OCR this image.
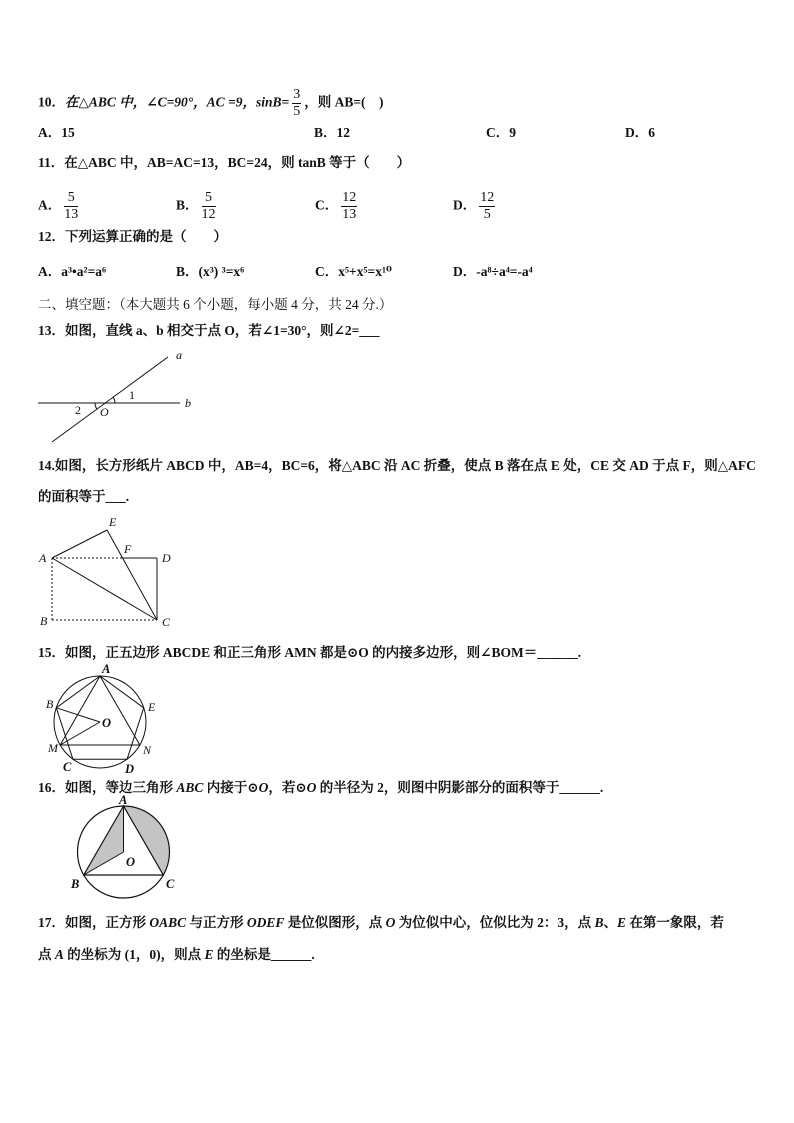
10．在△ABC 中，∠C=90°，AC =9，$\sin B= \frac{3}{5}$ ，则 AB=(　)
A．15	B．12	C．9	D．6
11．在△ABC 中，AB=AC=13，BC=24，则 tanB 等于（　　）
A． $\frac{5}{13}$	B． $\frac{5}{12}$	C． $\frac{12}{13}$	D． $\frac{12}{5}$
12．下列运算正确的是（　　）
A．a³•a²=a⁶	B．(x³) ³=x⁶	C．x⁵+x⁵=x¹⁰	D．-a⁸÷a⁴=-a⁴
二、填空题：（本大题共 6 个小题，每小题 4 分，共 24 分.）
13．如图，直线 a、b 相交于点 O，若∠1=30°，则∠2=___
a
b
O
1
2
14.如图，长方形纸片 ABCD 中，AB=4，BC=6，将△ABC 沿 AC 折叠，使点 B 落在点 E 处，CE 交 AD 于点 F，则△AFC
的面积等于___.
A
E
F
D
B	C
15．如图，正五边形 ABCDE 和正三角形 AMN 都是⊙O 的内接多边形，则∠BOM＝______.
A
B	E
M	N
C	D
O
16．如图，等边三角形 ABC 内接于⊙O，若⊙O 的半径为 2，则图中阴影部分的面积等于______.
A
B	C
O
17．如图，正方形 OABC 与正方形 ODEF 是位似图形，点 O 为位似中心，位似比为 2：3，点 B、E 在第一象限，若
点 A 的坐标为 (1，0)，则点 E 的坐标是______.
